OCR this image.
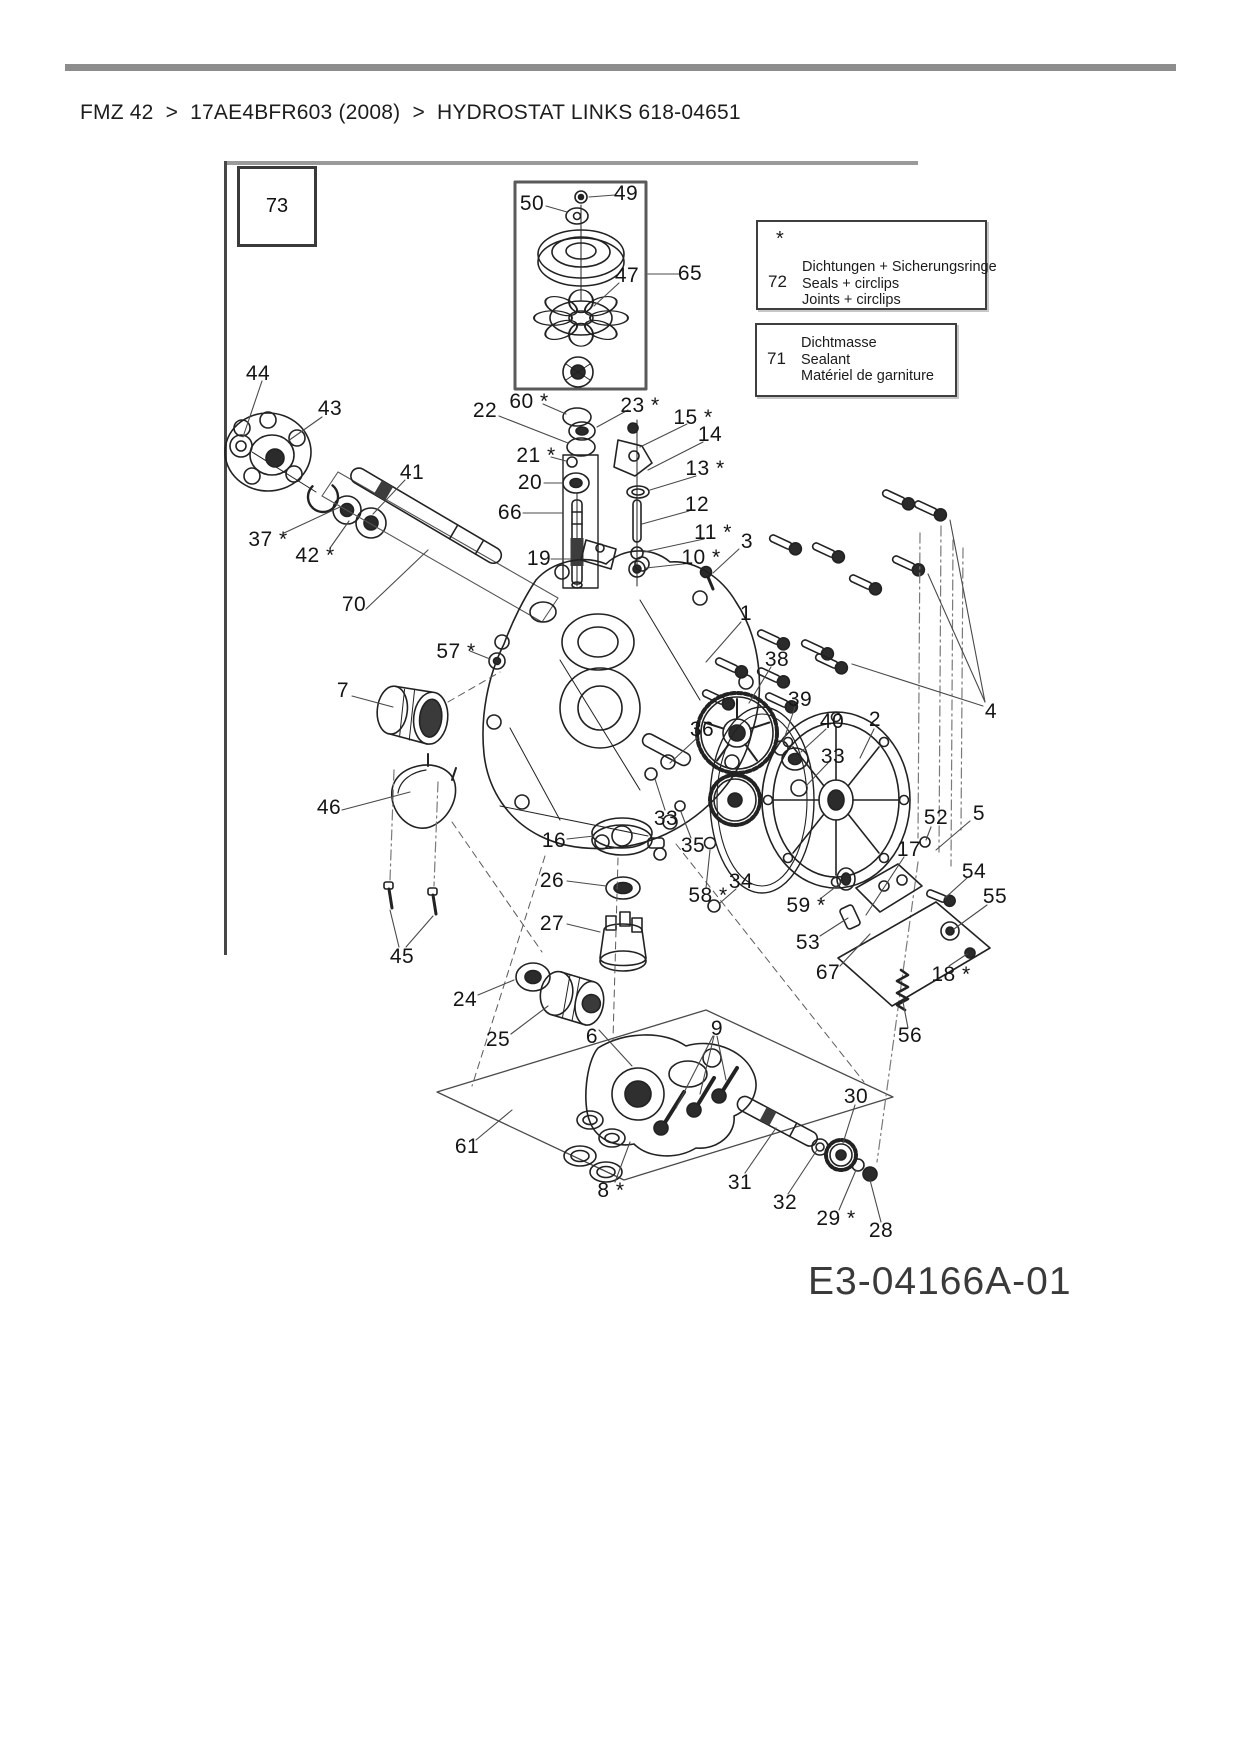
FMZ 42  >  17AE4BFR603 (2008)  >  HYDROSTAT LINKS 618-04651
73
*
72
Dichtungen + Sicherungsringe
Seals + circlips
Joints + circlips
71
Dichtmasse
Sealant
Matériel de garniture
1
2
3
4
5
6
7
8 *
9
10 *
11 *
12
13 *
14
15 *
16	17
18 *
19
20
21 *
22	23 *
24
25
26
27
28
29 *
30
31
32
33
33
34
35
36
37 *
38
39
40
41
42 *
43
44
45
46
47
49
50
52
53
54
55
56
57 *
58 *	59 *
60 *
61
65
66
67
70
E3-04166A-01
